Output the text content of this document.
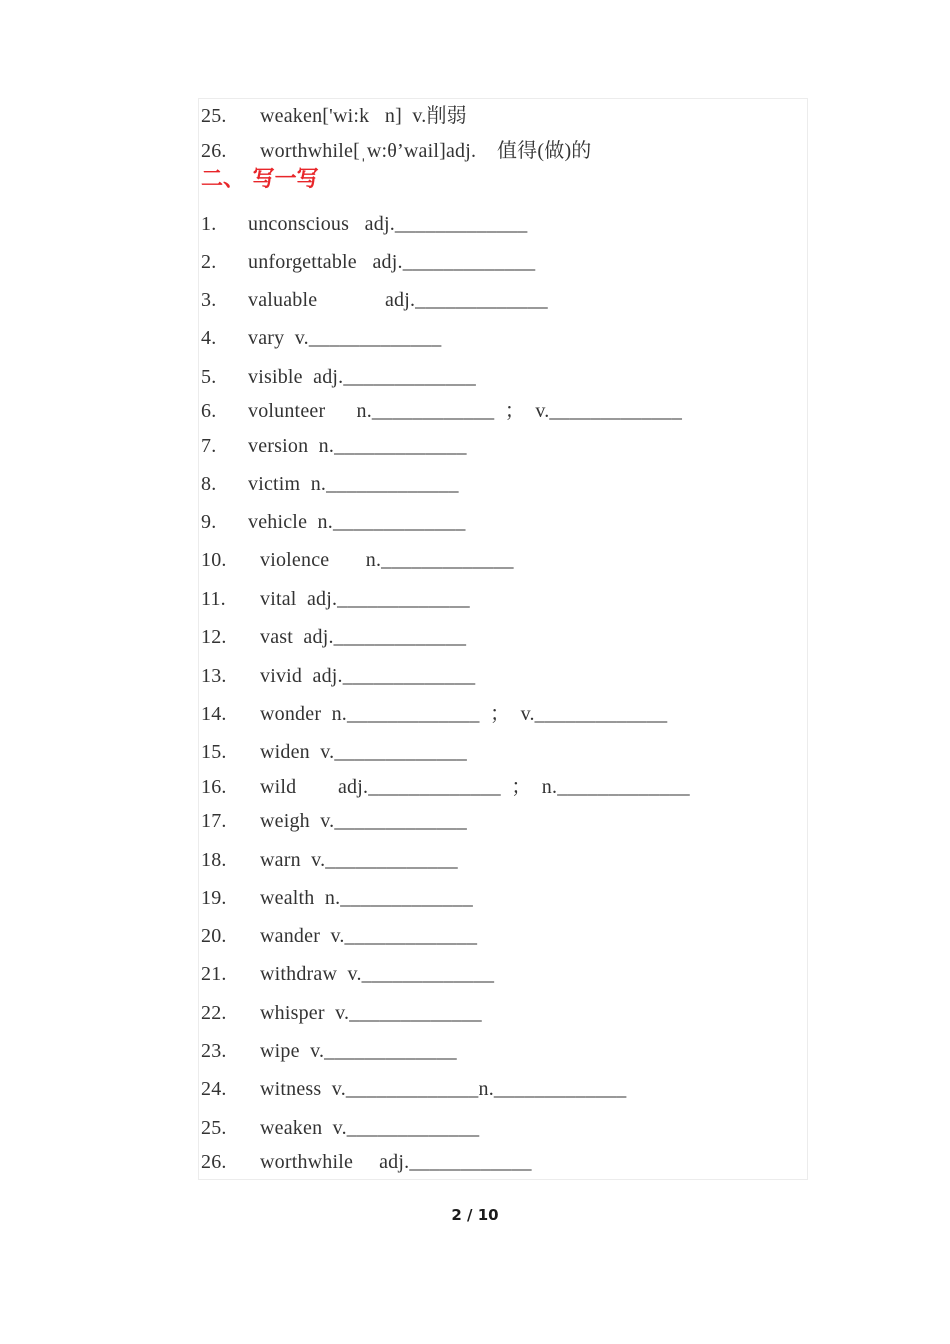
25. weaken['wi:k   n]  v.削弱
26. worthwhile[ˌw:θ’wail]adj.    值得(做)的
二、 写一写
1. unconscious   adj._____________
2. unforgettable   adj._____________
3. valuable             adj._____________
4. vary  v._____________
5. visible  adj._____________
6. volunteer      n.____________  ；  v._____________
7. version  n._____________
8. victim  n._____________
9. vehicle  n._____________
10. violence       n._____________
11. vital  adj._____________
12. vast  adj._____________
13. vivid  adj._____________
14. wonder  n._____________  ；  v._____________
15. widen  v._____________
16. wild        adj._____________  ；  n._____________
17. weigh  v._____________
18. warn  v._____________
19. wealth  n._____________
20. wander  v._____________
21. withdraw  v._____________
22. whisper  v._____________
23. wipe  v._____________
24. witness  v._____________n._____________
25. weaken  v._____________
26. worthwhile     adj.____________
2 / 10
